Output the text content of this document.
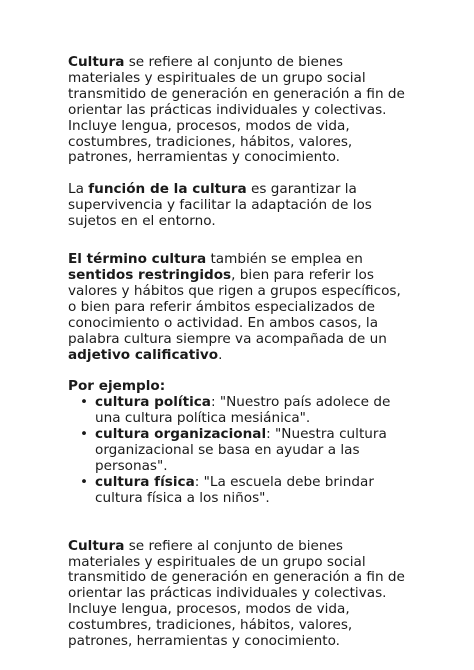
Cultura se refiere al conjunto de bienes materiales y espirituales de un grupo social transmitido de generación en generación a fin de orientar las prácticas individuales y colectivas. Incluye lengua, procesos, modos de vida, costumbres, tradiciones, hábitos, valores, patrones, herramientas y conocimiento.

La función de la cultura es garantizar la supervivencia y facilitar la adaptación de los sujetos en el entorno.

El término cultura también se emplea en sentidos restringidos, bien para referir los valores y hábitos que rigen a grupos específicos, o bien para referir ámbitos especializados de conocimiento o actividad. En ambos casos, la palabra cultura siempre va acompañada de un adjetivo calificativo.

Por ejemplo:

• cultura política: "Nuestro país adolece de una cultura política mesiánica".
• cultura organizacional: "Nuestra cultura organizacional se basa en ayudar a las personas".
• cultura física: "La escuela debe brindar cultura física a los niños".

Cultura se refiere al conjunto de bienes materiales y espirituales de un grupo social transmitido de generación en generación a fin de orientar las prácticas individuales y colectivas. Incluye lengua, procesos, modos de vida, costumbres, tradiciones, hábitos, valores, patrones, herramientas y conocimiento.
